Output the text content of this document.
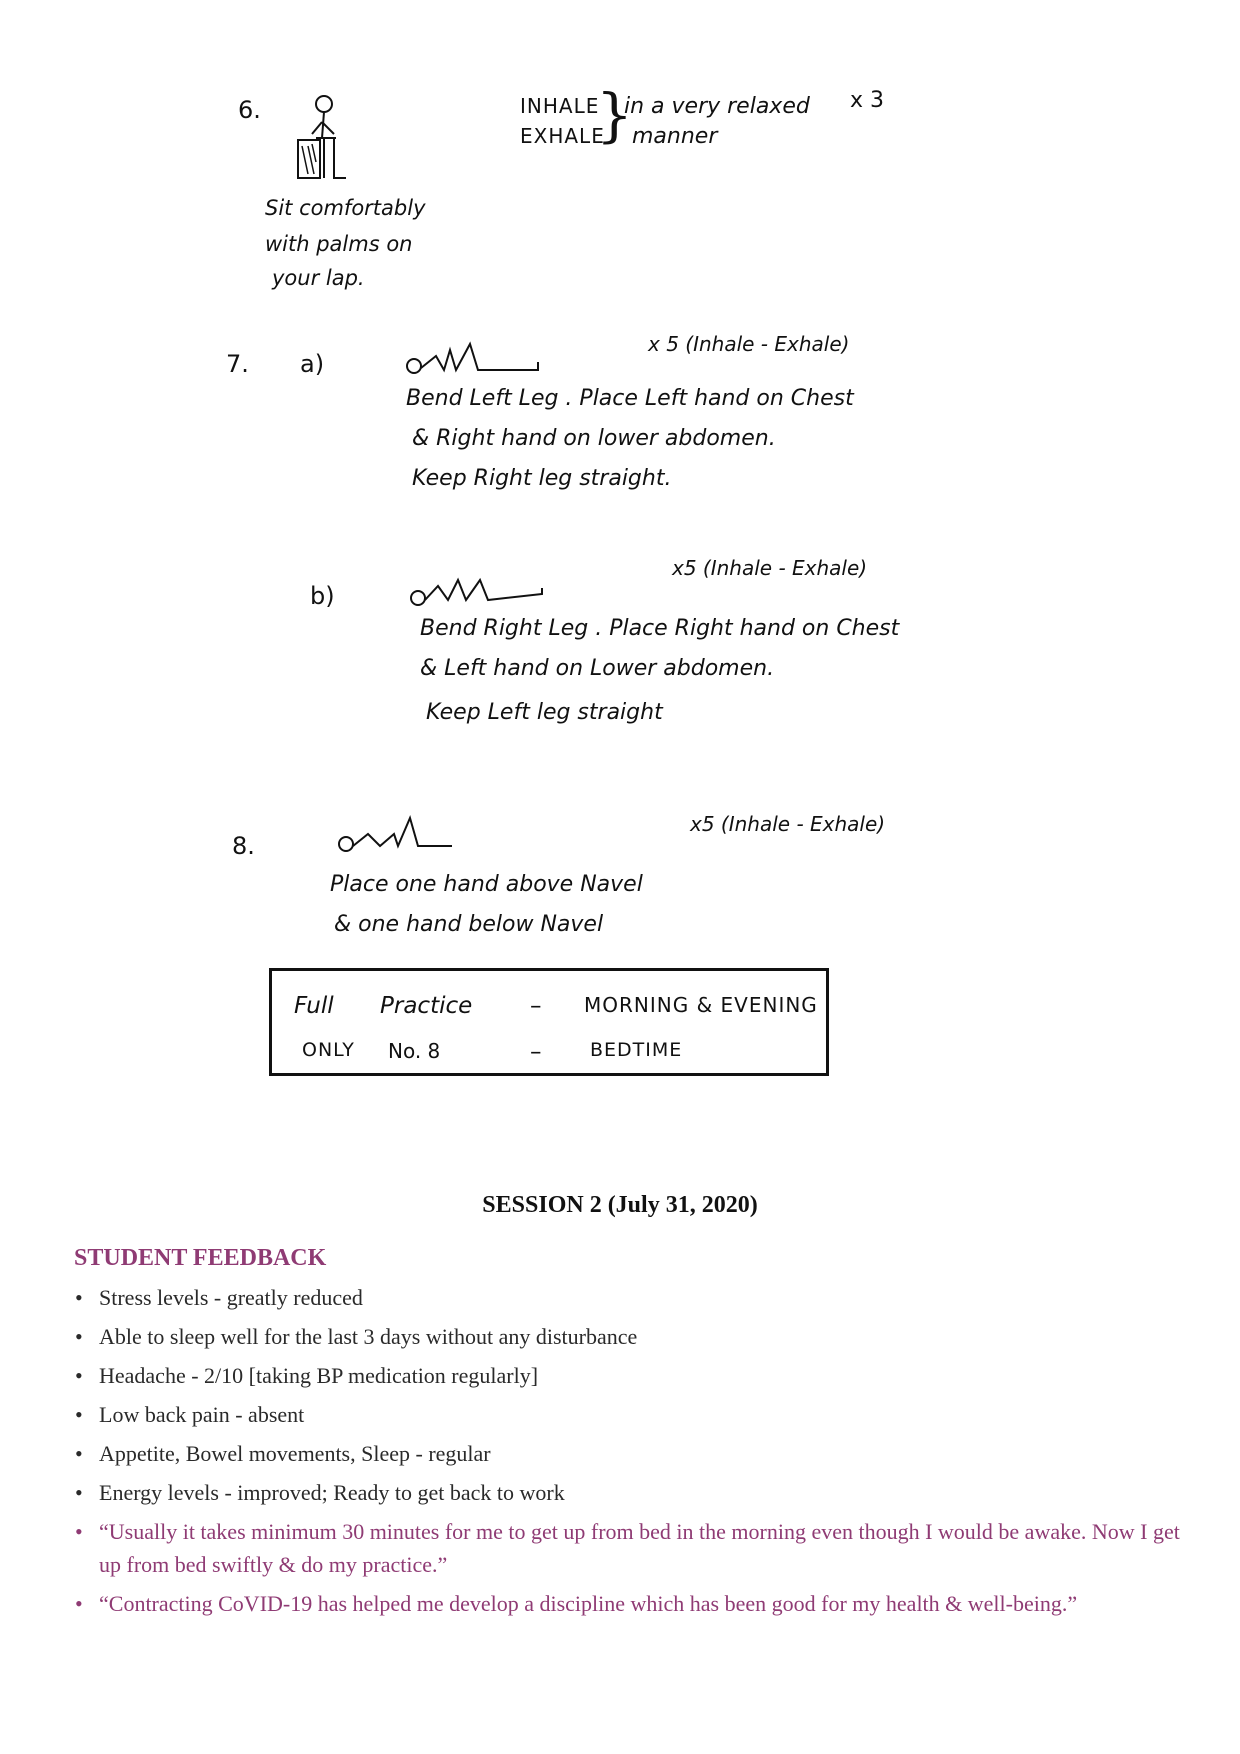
6.	INHALE
EXHALE
}
in a very relaxed
manner
x 3
Sit comfortably
with palms on
your lap.
7. a)
x 5 (Inhale - Exhale)
Bend Left Leg . Place Left hand on Chest
& Right hand on lower abdomen.
Keep Right leg straight.
b)
x5 (Inhale - Exhale)
Bend Right Leg . Place Right hand on Chest
& Left hand on Lower abdomen.
Keep Left leg straight
8.
x5 (Inhale - Exhale)
Place one hand above Navel
& one hand below Navel
Full Practice	– MORNING & EVENING
ONLY No. 8	–	BEDTIME
SESSION 2 (July 31, 2020)
STUDENT FEEDBACK
• Stress levels - greatly reduced
• Able to sleep well for the last 3 days without any disturbance
• Headache - 2/10 [taking BP medication regularly]
• Low back pain - absent
• Appetite, Bowel movements, Sleep - regular
• Energy levels - improved; Ready to get back to work
• “Usually it takes minimum 30 minutes for me to get up from bed in the morning even though I would be awake. Now I get up from bed swiftly & do my practice.”
• “Contracting CoVID-19 has helped me develop a discipline which has been good for my health & well-being.”
